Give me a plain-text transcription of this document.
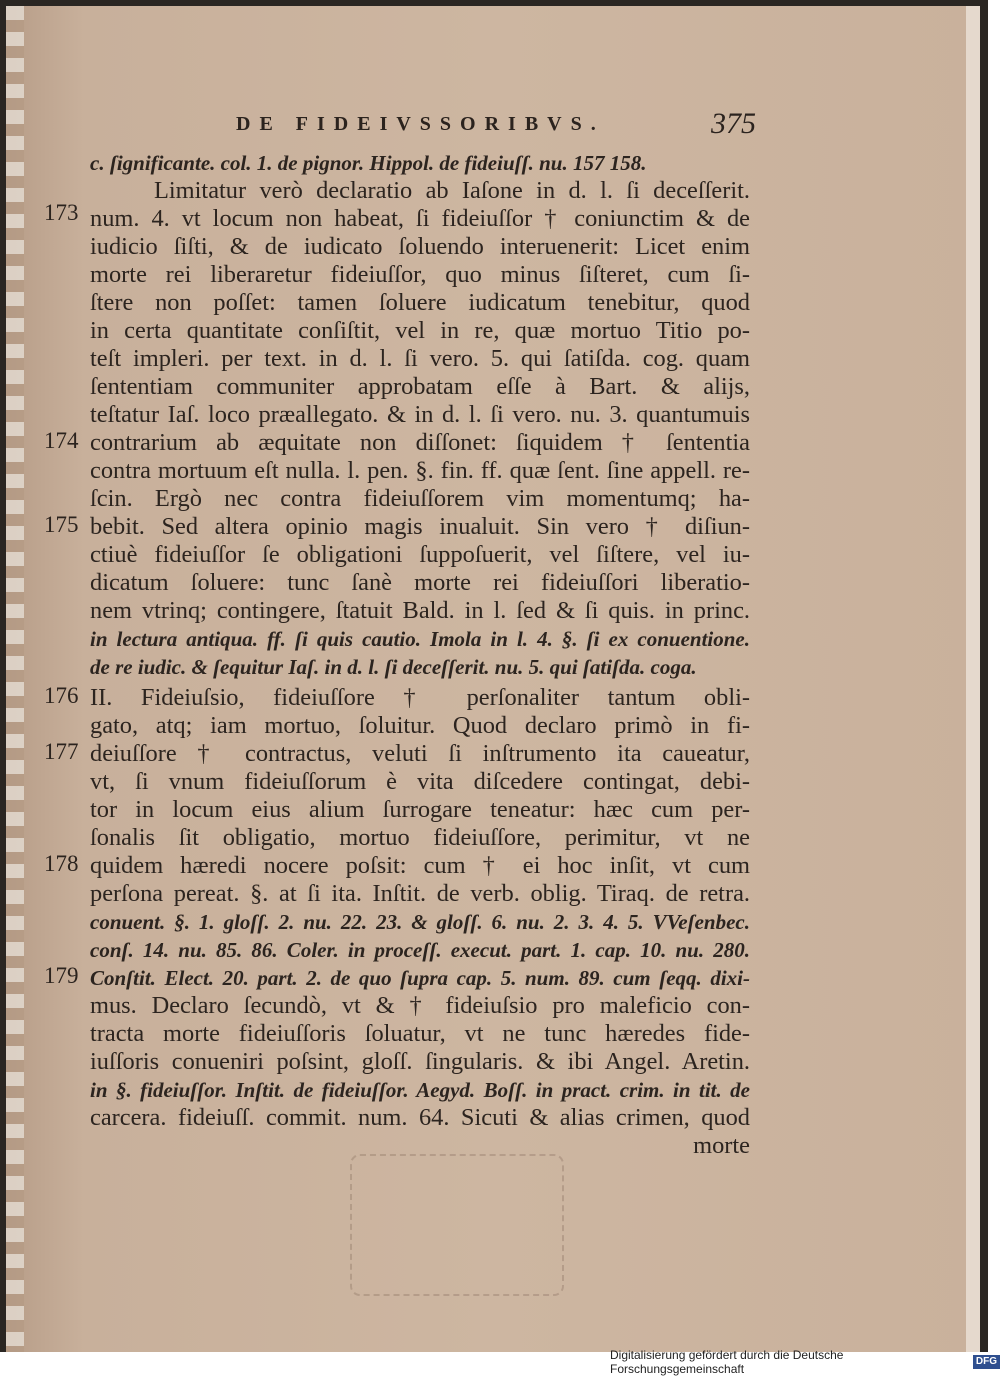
DE FIDEIVSSORIBVS.	375
c. ſignificante. col. 1. de pignor. Hippol. de fideiuſſ. nu. 157 158.
Limitatur verò declaratio ab Iaſone in d. l. ſi deceſſerit.
num. 4. vt locum non habeat, ſi fideiuſſor † coniunctim & de
iudicio ſiſti, & de iudicato ſoluendo interuenerit: Licet enim
morte rei liberaretur fideiuſſor, quo minus ſiſteret, cum ſi-
ſtere non poſſet: tamen ſoluere iudicatum tenebitur, quod
in certa quantitate conſiſtit, vel in re, quæ mortuo Titio po-
teſt impleri. per text. in d. l. ſi vero. 5. qui ſatiſda. cog. quam
ſententiam communiter approbatam eſſe à Bart. & alijs,
teſtatur Iaſ. loco præallegato. & in d. l. ſi vero. nu. 3. quantumuis
contrarium ab æquitate non diſſonet: ſiquidem † ſententia
contra mortuum eſt nulla. l. pen. §. fin. ff. quæ ſent. ſine appell. re-
ſcin. Ergò nec contra fideiuſſorem vim momentumq; ha-
bebit. Sed altera opinio magis inualuit. Sin vero † diſiun-
ctiuè fideiuſſor ſe obligationi ſuppoſuerit, vel ſiſtere, vel iu-
dicatum ſoluere: tunc ſanè morte rei fideiuſſori liberatio-
nem vtrinq; contingere, ſtatuit Bald. in l. ſed & ſi quis. in princ.
in lectura antiqua. ff. ſi quis cautio. Imola in l. 4. §. ſi ex conuentione.
de re iudic. & ſequitur Iaſ. in d. l. ſi deceſſerit. nu. 5. qui ſatiſda. coga.
II. Fideiuſsio, fideiuſſore † perſonaliter tantum obli-
gato, atq; iam mortuo, ſoluitur. Quod declaro primò in fi-
deiuſſore † contractus, veluti ſi inſtrumento ita caueatur,
vt, ſi vnum fideiuſſorum è vita diſcedere contingat, debi-
tor in locum eius alium ſurrogare teneatur: hæc cum per-
ſonalis ſit obligatio, mortuo fideiuſſore, perimitur, vt ne
quidem hæredi nocere poſsit: cum † ei hoc inſit, vt cum
perſona pereat. §. at ſi ita. Inſtit. de verb. oblig. Tiraq. de retra.
conuent. §. 1. gloſſ. 2. nu. 22. 23. & gloſſ. 6. nu. 2. 3. 4. 5. VVeſenbec.
conſ. 14. nu. 85. 86. Coler. in proceſſ. execut. part. 1. cap. 10. nu. 280.
Conſtit. Elect. 20. part. 2. de quo ſupra cap. 5. num. 89. cum ſeqq. dixi-
mus. Declaro ſecundò, vt & † fideiuſsio pro maleficio con-
tracta morte fideiuſſoris ſoluatur, vt ne tunc hæredes fide-
iuſſoris conueniri poſsint, gloſſ. ſingularis. & ibi Angel. Aretin.
in §. fideiuſſor. Inſtit. de fideiuſſor. Aegyd. Boſſ. in pract. crim. in tit. de
carcera. fideiuſſ. commit. num. 64. Sicuti & alias crimen, quod
morte
173
174
175
176
177
178
179
Digitalisierung gefördert durch die Deutsche Forschungsgemeinschaft
DFG
